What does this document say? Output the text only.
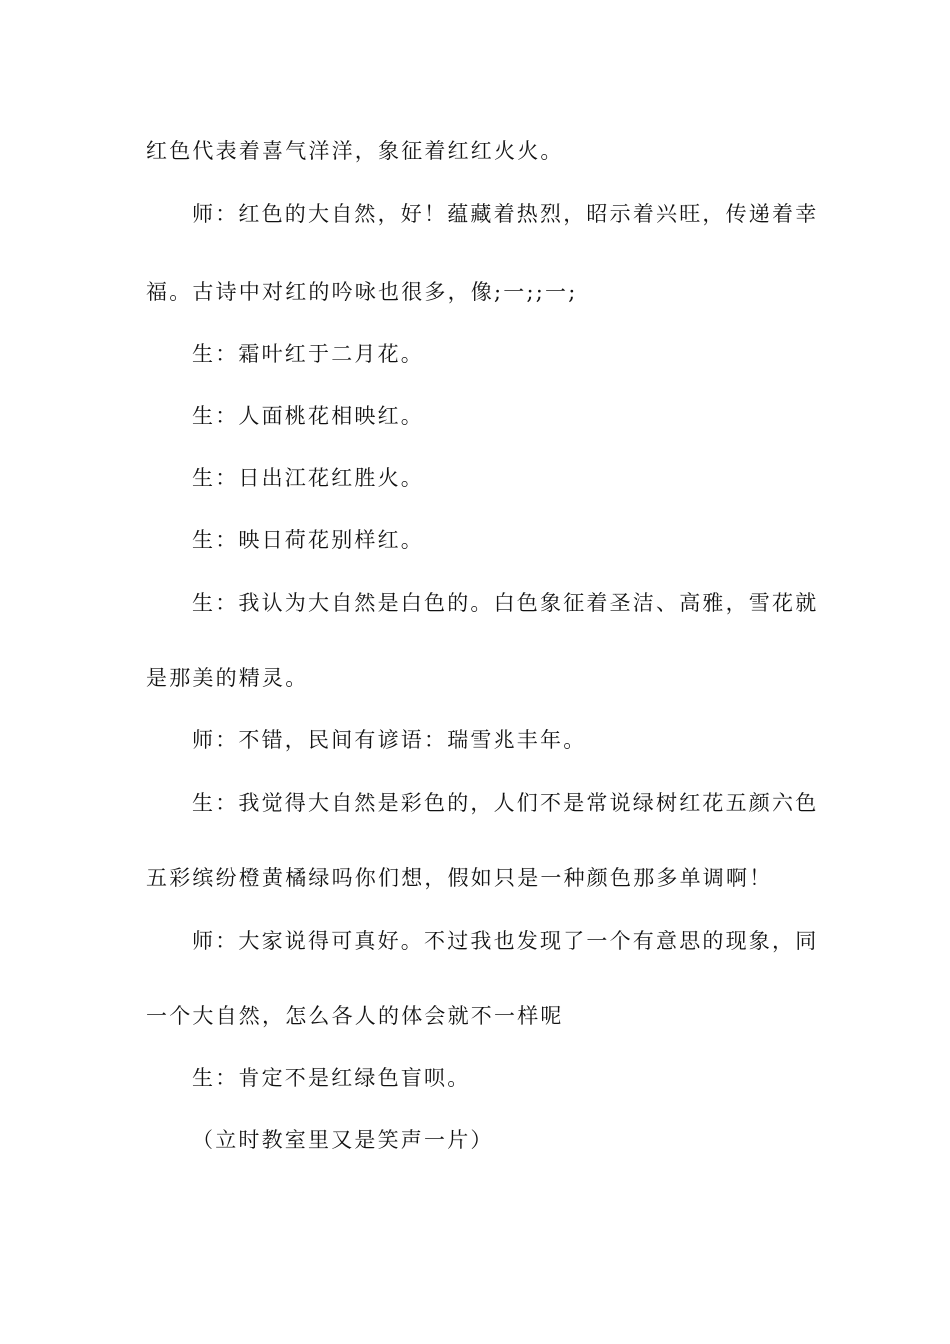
红色代表着喜气洋洋，象征着红红火火。
师：红色的大自然，好！蕴藏着热烈，昭示着兴旺，传递着幸
福。古诗中对红的吟咏也很多，像;一;;一;
生：霜叶红于二月花。
生：人面桃花相映红。
生：日出江花红胜火。
生：映日荷花别样红。
生：我认为大自然是白色的。白色象征着圣洁、高雅，雪花就
是那美的精灵。
师：不错，民间有谚语：瑞雪兆丰年。
生：我觉得大自然是彩色的，人们不是常说绿树红花五颜六色
五彩缤纷橙黄橘绿吗你们想，假如只是一种颜色那多单调啊！
师：大家说得可真好。不过我也发现了一个有意思的现象，同
一个大自然，怎么各人的体会就不一样呢
生：肯定不是红绿色盲呗。
（立时教室里又是笑声一片）
